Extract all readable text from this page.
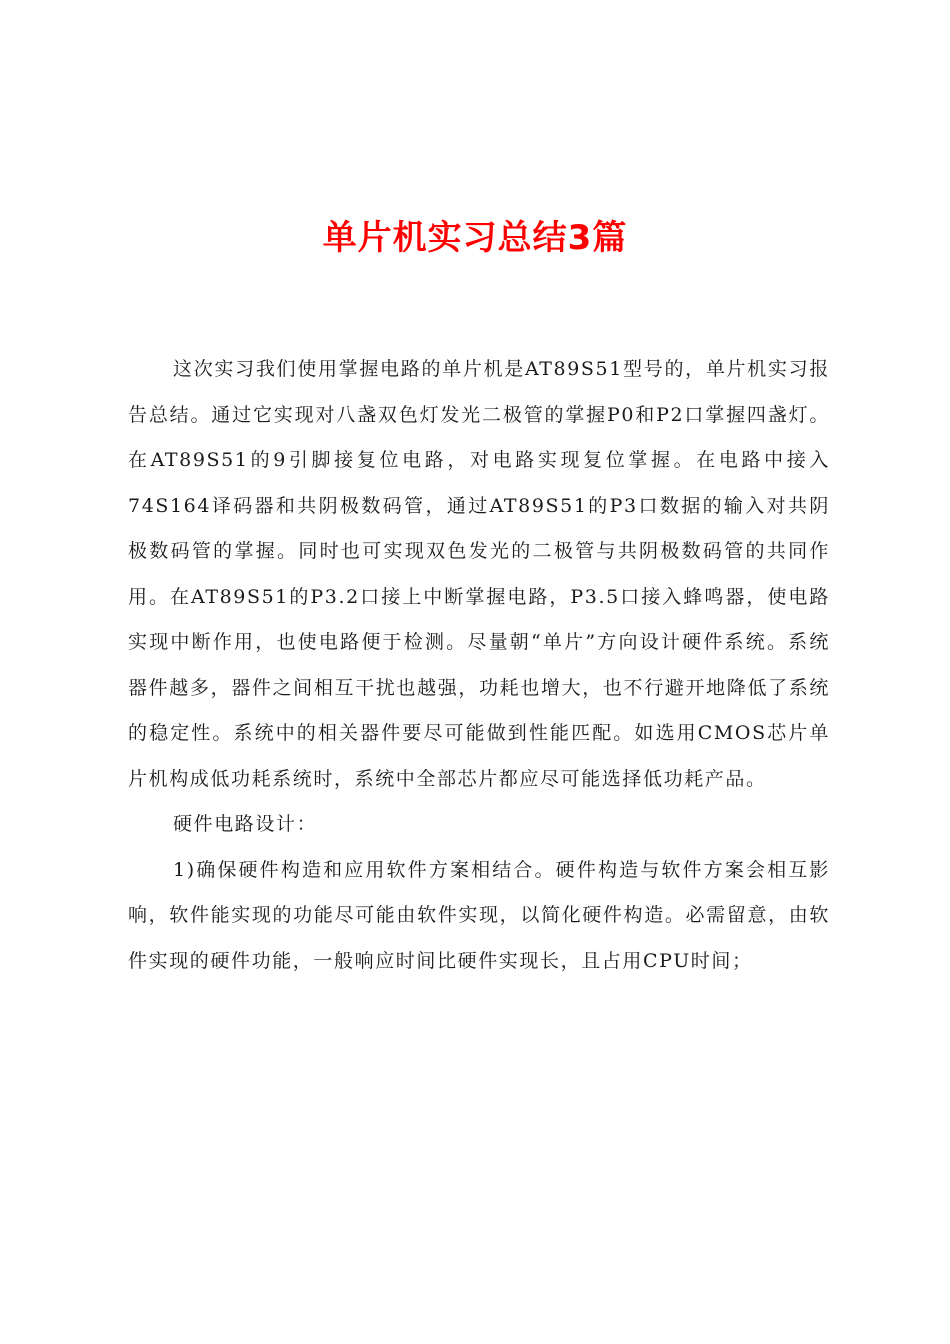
单片机实习总结3篇

这次实习我们使用掌握电路的单片机是AT89S51型号的，单片机实习报告总结。通过它实现对八盏双色灯发光二极管的掌握P0和P2口掌握四盏灯。在AT89S51的9引脚接复位电路，对电路实现复位掌握。在电路中接入74S164译码器和共阴极数码管，通过AT89S51的P3口数据的输入对共阴极数码管的掌握。同时也可实现双色发光的二极管与共阴极数码管的共同作用。在AT89S51的P3.2口接上中断掌握电路，P3.5口接入蜂鸣器，使电路实现中断作用，也使电路便于检测。尽量朝“单片”方向设计硬件系统。系统器件越多，器件之间相互干扰也越强，功耗也增大，也不行避开地降低了系统的稳定性。系统中的相关器件要尽可能做到性能匹配。如选用CMOS芯片单片机构成低功耗系统时，系统中全部芯片都应尽可能选择低功耗产品。

硬件电路设计：

1)确保硬件构造和应用软件方案相结合。硬件构造与软件方案会相互影响，软件能实现的功能尽可能由软件实现，以简化硬件构造。必需留意，由软件实现的硬件功能，一般响应时间比硬件实现长，且占用CPU时间；
